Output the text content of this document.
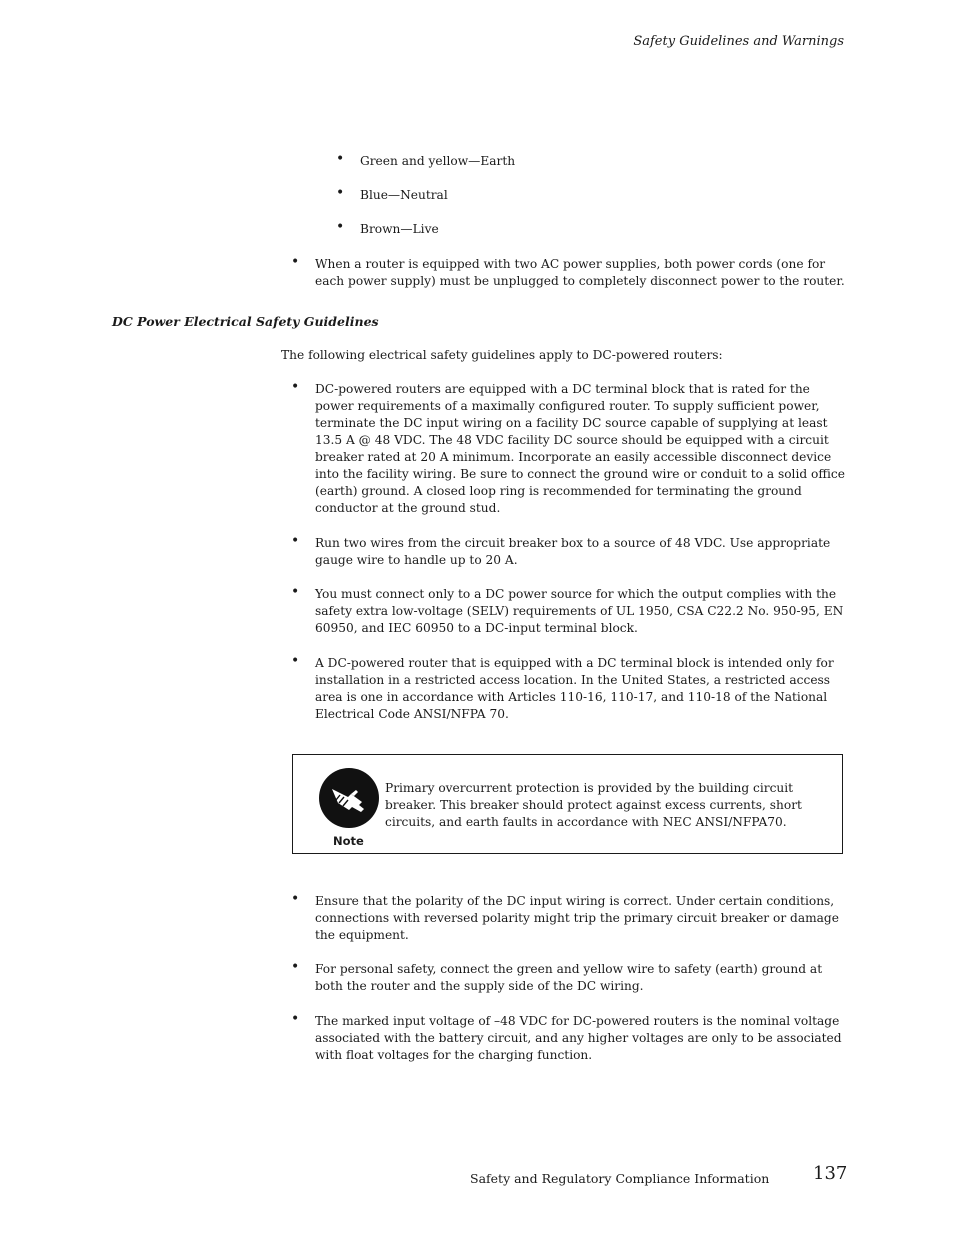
Safety Guidelines and Warnings
• Green and yellow—Earth
• Blue—Neutral
• Brown—Live
• When a router is equipped with two AC power supplies, both power cords (one for each power supply) must be unplugged to completely disconnect power to the router.
DC Power Electrical Safety Guidelines
The following electrical safety guidelines apply to DC-powered routers:
• DC-powered routers are equipped with a DC terminal block that is rated for the power requirements of a maximally configured router. To supply sufficient power, terminate the DC input wiring on a facility DC source capable of supplying at least 13.5 A @ 48 VDC. The 48 VDC facility DC source should be equipped with a circuit breaker rated at 20 A minimum. Incorporate an easily accessible disconnect device into the facility wiring. Be sure to connect the ground wire or conduit to a solid office (earth) ground. A closed loop ring is recommended for terminating the ground conductor at the ground stud.
• Run two wires from the circuit breaker box to a source of 48 VDC. Use appropriate gauge wire to handle up to 20 A.
• You must connect only to a DC power source for which the output complies with the safety extra low-voltage (SELV) requirements of UL 1950, CSA C22.2 No. 950-95, EN 60950, and IEC 60950 to a DC-input terminal block.
• A DC-powered router that is equipped with a DC terminal block is intended only for installation in a restricted access location. In the United States, a restricted access area is one in accordance with Articles 110-16, 110-17, and 110-18 of the National Electrical Code ANSI/NFPA 70.
Note
Primary overcurrent protection is provided by the building circuit breaker. This breaker should protect against excess currents, short circuits, and earth faults in accordance with NEC ANSI/NFPA70.
• Ensure that the polarity of the DC input wiring is correct. Under certain conditions, connections with reversed polarity might trip the primary circuit breaker or damage the equipment.
• For personal safety, connect the green and yellow wire to safety (earth) ground at both the router and the supply side of the DC wiring.
• The marked input voltage of –48 VDC for DC-powered routers is the nominal voltage associated with the battery circuit, and any higher voltages are only to be associated with float voltages for the charging function.
Safety and Regulatory Compliance Information 137
